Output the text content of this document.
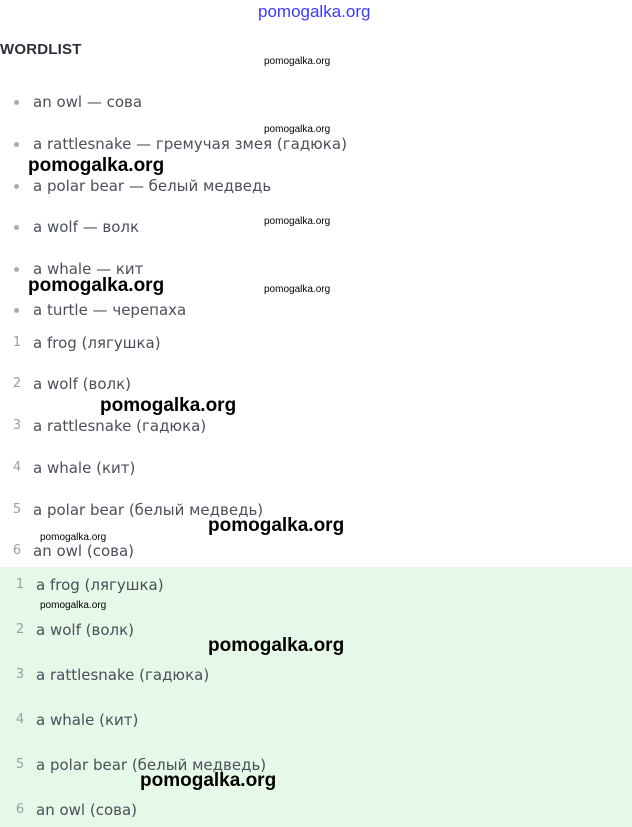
pomogalka.org
WORDLIST
an owl — сова
a rattlesnake — гремучая змея (гадюка)
a polar bear — белый медведь
a wolf — волк
a whale — кит
a turtle — черепаха
1 a frog (лягушка)
2 a wolf (волк)
3 a rattlesnake (гадюка)
4 a whale (кит)
5 a polar bear (белый медведь)
6 an owl (сова)
1 a frog (лягушка)
2 a wolf (волк)
3 a rattlesnake (гадюка)
4 a whale (кит)
5 a polar bear (белый медведь)
6 an owl (сова)
pomogalka.org
pomogalka.org
pomogalka.org
pomogalka.org
pomogalka.org	pomogalka.org
pomogalka.org
pomogalka.org
pomogalka.org
pomogalka.org
pomogalka.org
pomogalka.org
